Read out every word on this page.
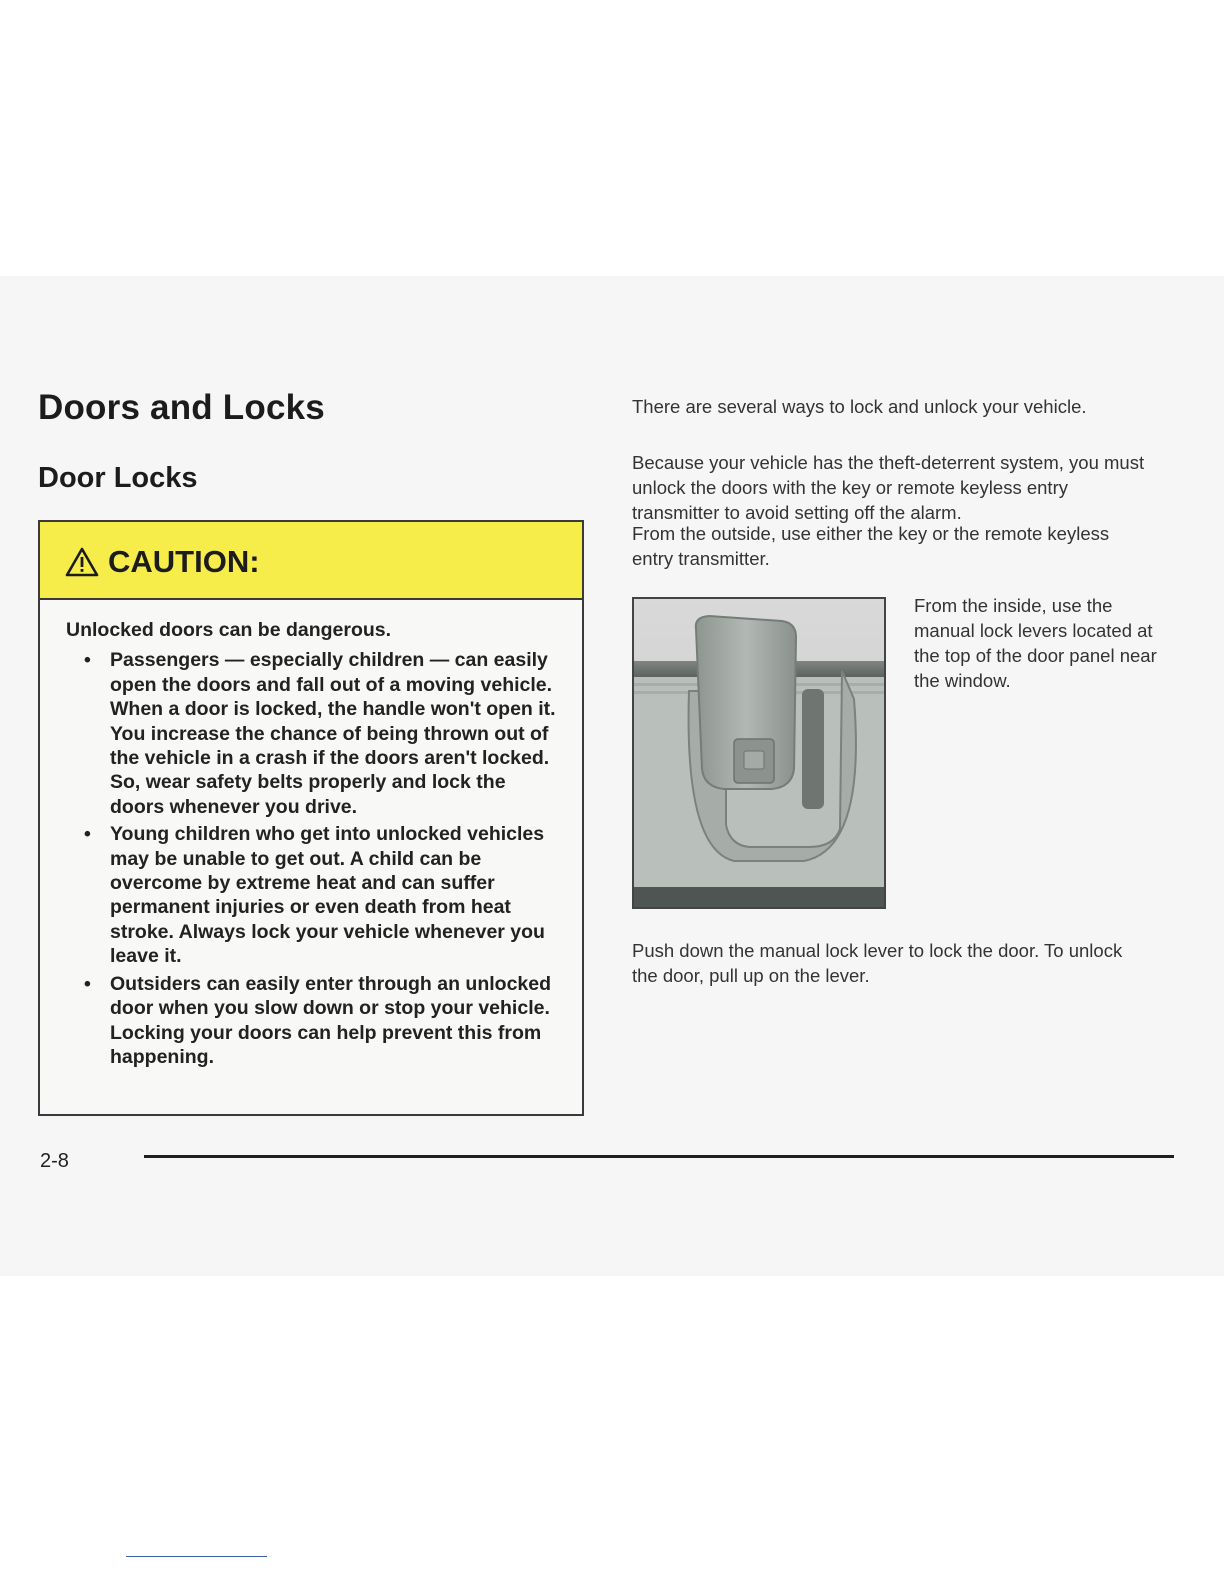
Doors and Locks
Door Locks
CAUTION:

Unlocked doors can be dangerous.

• Passengers — especially children — can easily open the doors and fall out of a moving vehicle. When a door is locked, the handle won't open it. You increase the chance of being thrown out of the vehicle in a crash if the doors aren't locked. So, wear safety belts properly and lock the doors whenever you drive.
• Young children who get into unlocked vehicles may be unable to get out. A child can be overcome by extreme heat and can suffer permanent injuries or even death from heat stroke. Always lock your vehicle whenever you leave it.
• Outsiders can easily enter through an unlocked door when you slow down or stop your vehicle. Locking your doors can help prevent this from happening.

There are several ways to lock and unlock your vehicle.

Because your vehicle has the theft-deterrent system, you must unlock the doors with the key or remote keyless entry transmitter to avoid setting off the alarm.

From the outside, use either the key or the remote keyless entry transmitter.

From the inside, use the manual lock levers located at the top of the door panel near the window.

Push down the manual lock lever to lock the door. To unlock the door, pull up on the lever.

2-8
